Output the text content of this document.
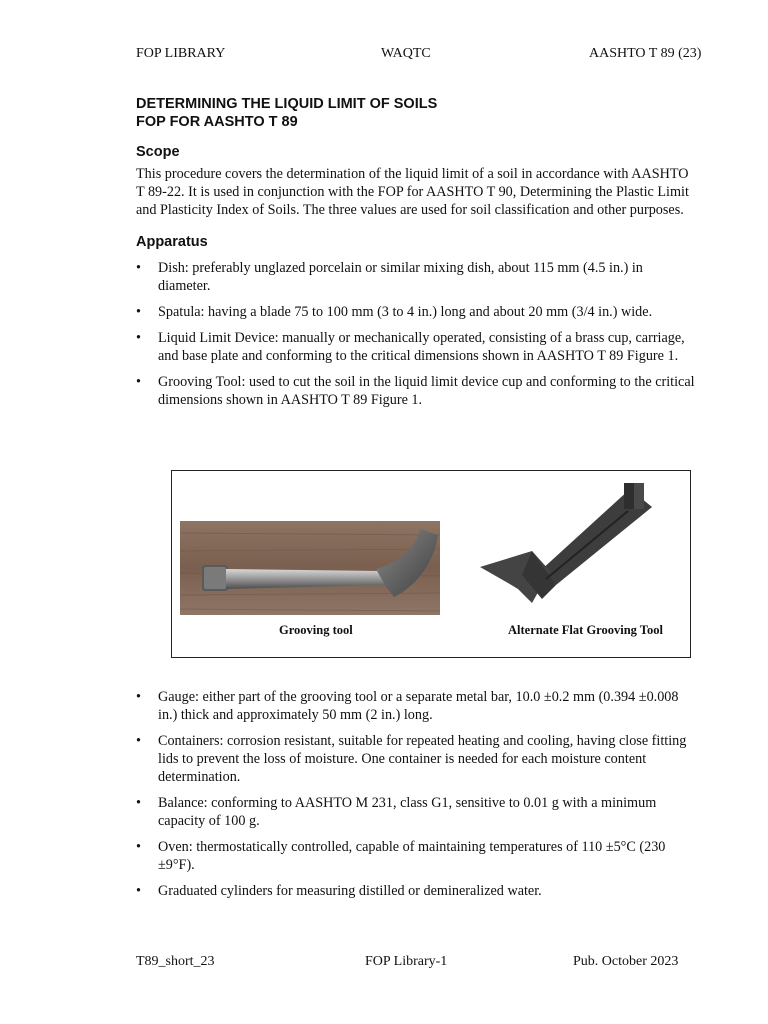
FOP LIBRARY	WAQTC	AASHTO T 89 (23)
DETERMINING THE LIQUID LIMIT OF SOILS
FOP FOR AASHTO T 89
Scope

This procedure covers the determination of the liquid limit of a soil in accordance with AASHTO T 89-22. It is used in conjunction with the FOP for AASHTO T 90, Determining the Plastic Limit and Plasticity Index of Soils. The three values are used for soil classification and other purposes.

Apparatus
• Dish: preferably unglazed porcelain or similar mixing dish, about 115 mm (4.5 in.) in diameter.
• Spatula: having a blade 75 to 100 mm (3 to 4 in.) long and about 20 mm (3/4 in.) wide.
• Liquid Limit Device: manually or mechanically operated, consisting of a brass cup, carriage, and base plate and conforming to the critical dimensions shown in AASHTO T 89 Figure 1.
• Grooving Tool: used to cut the soil in the liquid limit device cup and conforming to the critical dimensions shown in AASHTO T 89 Figure 1.
Grooving tool	Alternate Flat Grooving Tool
• Gauge: either part of the grooving tool or a separate metal bar, 10.0 ±0.2 mm (0.394 ±0.008 in.) thick and approximately 50 mm (2 in.) long.
• Containers: corrosion resistant, suitable for repeated heating and cooling, having close fitting lids to prevent the loss of moisture. One container is needed for each moisture content determination.
• Balance: conforming to AASHTO M 231, class G1, sensitive to 0.01 g with a minimum capacity of 100 g.
• Oven: thermostatically controlled, capable of maintaining temperatures of 110 ±5°C (230 ±9°F).
• Graduated cylinders for measuring distilled or demineralized water.
T89_short_23	FOP Library-1	Pub. October 2023
